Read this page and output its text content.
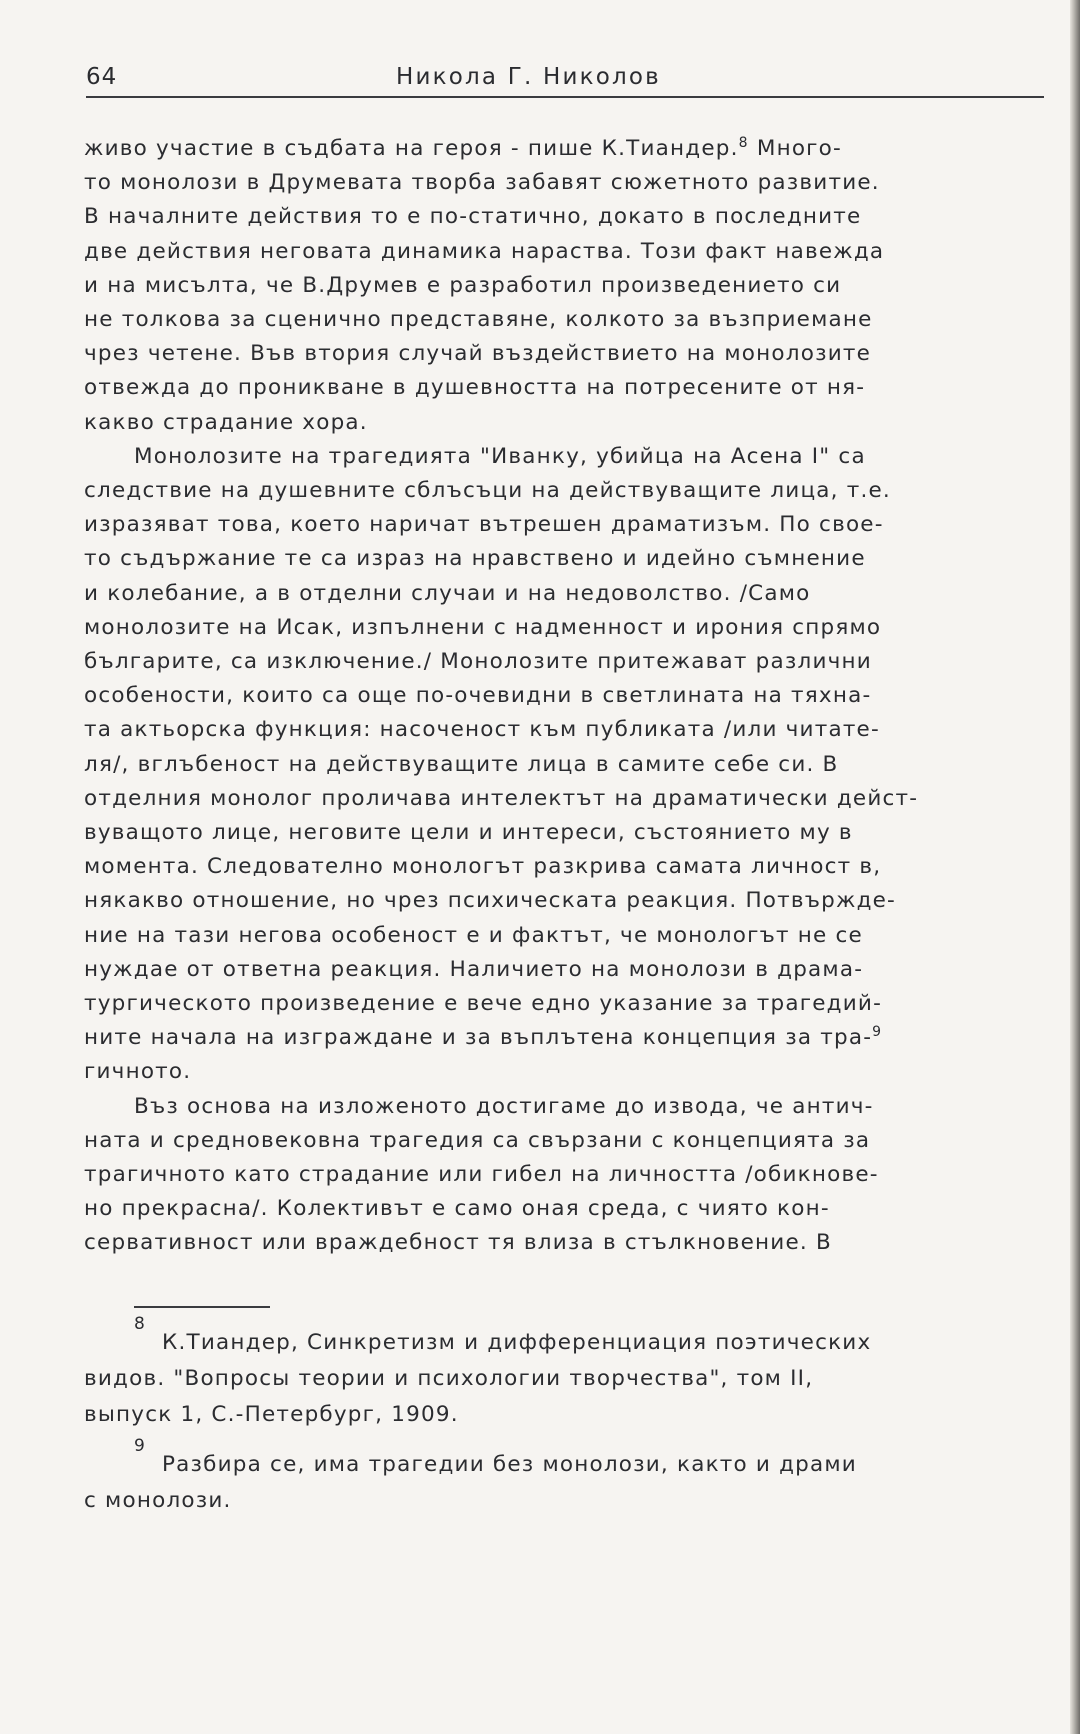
64	Никола Г. Николов
живо участие в съдбата на героя - пише К.Тиандер.$^8$ Много-
то монолози в Друмевата творба забавят сюжетното развитие.
В началните действия то е по-статично, докато в последните
две действия неговата динамика нараства. Този факт навежда
и на мисълта, че В.Друмев е разработил произведението си
не толкова за сценично представяне, колкото за възприемане
чрез четене. Във втория случай въздействието на монолозите
отвежда до проникване в душевността на потресените от ня-
какво страдание хора.
Монолозите на трагедията "Иванку, убийца на Асена I" са
следствие на душевните сблъсъци на действуващите лица, т.е.
изразяват това, което наричат вътрешен драматизъм. По свое-
то съдържание те са израз на нравствено и идейно съмнение
и колебание, а в отделни случаи и на недоволство. /Само
монолозите на Исак, изпълнени с надменност и ирония спрямо
българите, са изключение./ Монолозите притежават различни
особености, които са още по-очевидни в светлината на тяхна-
та актьорска функция: насоченост към публиката /или читате-
ля/, вглъбеност на действуващите лица в самите себе си. В
отделния монолог проличава интелектът на драматически дейст-
вуващото лице, неговите цели и интереси, състоянието му в
момента. Следователно монологът разкрива самата личност в,
някакво отношение, но чрез психическата реакция. Потвържде-
ние на тази негова особеност е и фактът, че монологът не се
нуждае от ответна реакция. Наличието на монолози в драма-
тургическото произведение е вече едно указание за трагедий-
ните начала на изграждане и за въплътена концепция за тра-$^9$
гичното.
Въз основа на изложеното достигаме до извода, че антич-
ната и средновековна трагедия са свързани с концепцията за
трагичното като страдание или гибел на личността /обикнове-
но прекрасна/. Колективът е само оная среда, с чиято кон-
сервативност или враждебност тя влиза в стълкновение. В
8
К.Тиандер, Синкретизм и дифференциация поэтических
видов. "Вопросы теории и психологии творчества", том II,
выпуск 1, С.-Петербург, 1909.
9
Разбира се, има трагедии без монолози, както и драми
с монолози.
